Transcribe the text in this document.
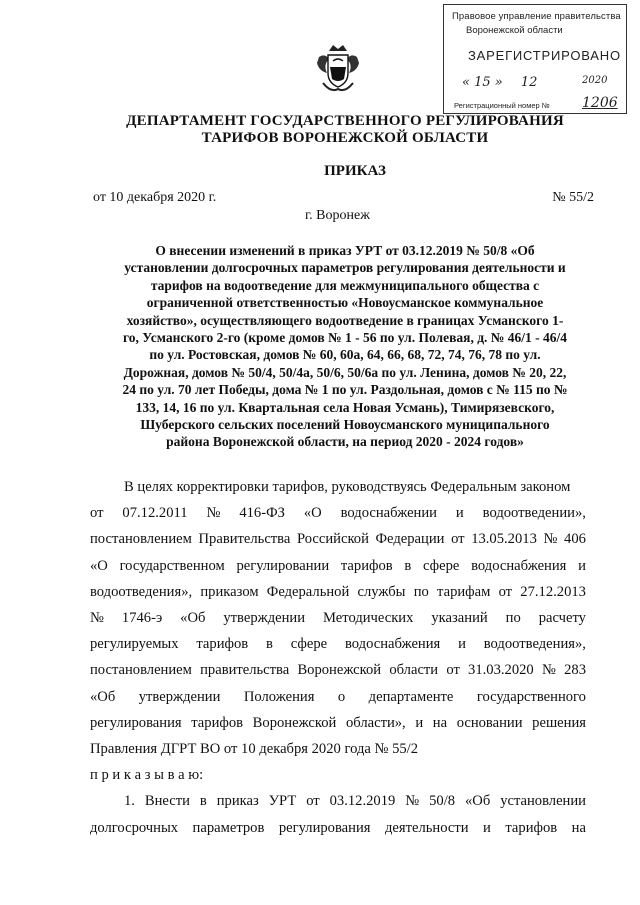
Правовое управление правительства
Воронежской области
ЗАРЕГИСТРИРОВАНО
« 15 » 12	2020
Регистрационный номер № 1206
ДЕПАРТАМЕНТ ГОСУДАРСТВЕННОГО РЕГУЛИРОВАНИЯ
ТАРИФОВ ВОРОНЕЖСКОЙ ОБЛАСТИ
ПРИКАЗ
от 10 декабря 2020 г.	№ 55/2
г. Воронеж
О внесении изменений в приказ УРТ от 03.12.2019 № 50/8 «Об
установлении долгосрочных параметров регулирования деятельности и
тарифов на водоотведение для межмуниципального общества с
ограниченной ответственностью «Новоусманское коммунальное
хозяйство», осуществляющего водоотведение в границах Усманского 1-
го, Усманского 2-го (кроме домов № 1 - 56 по ул. Полевая, д. № 46/1 - 46/4
по ул. Ростовская, домов № 60, 60а, 64, 66, 68, 72, 74, 76, 78 по ул.
Дорожная, домов № 50/4, 50/4а, 50/6, 50/6а по ул. Ленина, домов № 20, 22,
24 по ул. 70 лет Победы, дома № 1 по ул. Раздольная, домов с № 115 по №
133, 14, 16 по ул. Квартальная села Новая Усмань), Тимирязевского,
Шуберского сельских поселений Новоусманского муниципального
района Воронежской области, на период 2020 - 2024 годов»
В целях корректировки тарифов, руководствуясь Федеральным законом
от 07.12.2011 № 416-ФЗ «О водоснабжении и водоотведении»,
постановлением Правительства Российской Федерации от 13.05.2013 № 406
«О государственном регулировании тарифов в сфере водоснабжения и
водоотведения», приказом Федеральной службы по тарифам от 27.12.2013
№ 1746-э «Об утверждении Методических указаний по расчету
регулируемых тарифов в сфере водоснабжения и водоотведения»,
постановлением правительства Воронежской области от 31.03.2020 № 283
«Об утверждении Положения о департаменте государственного
регулирования тарифов Воронежской области», и на основании решения
Правления ДГРТ ВО от 10 декабря 2020 года № 55/2
п р и к а з ы в а ю:
1. Внести в приказ УРТ от 03.12.2019 № 50/8 «Об установлении
долгосрочных параметров регулирования деятельности и тарифов на
